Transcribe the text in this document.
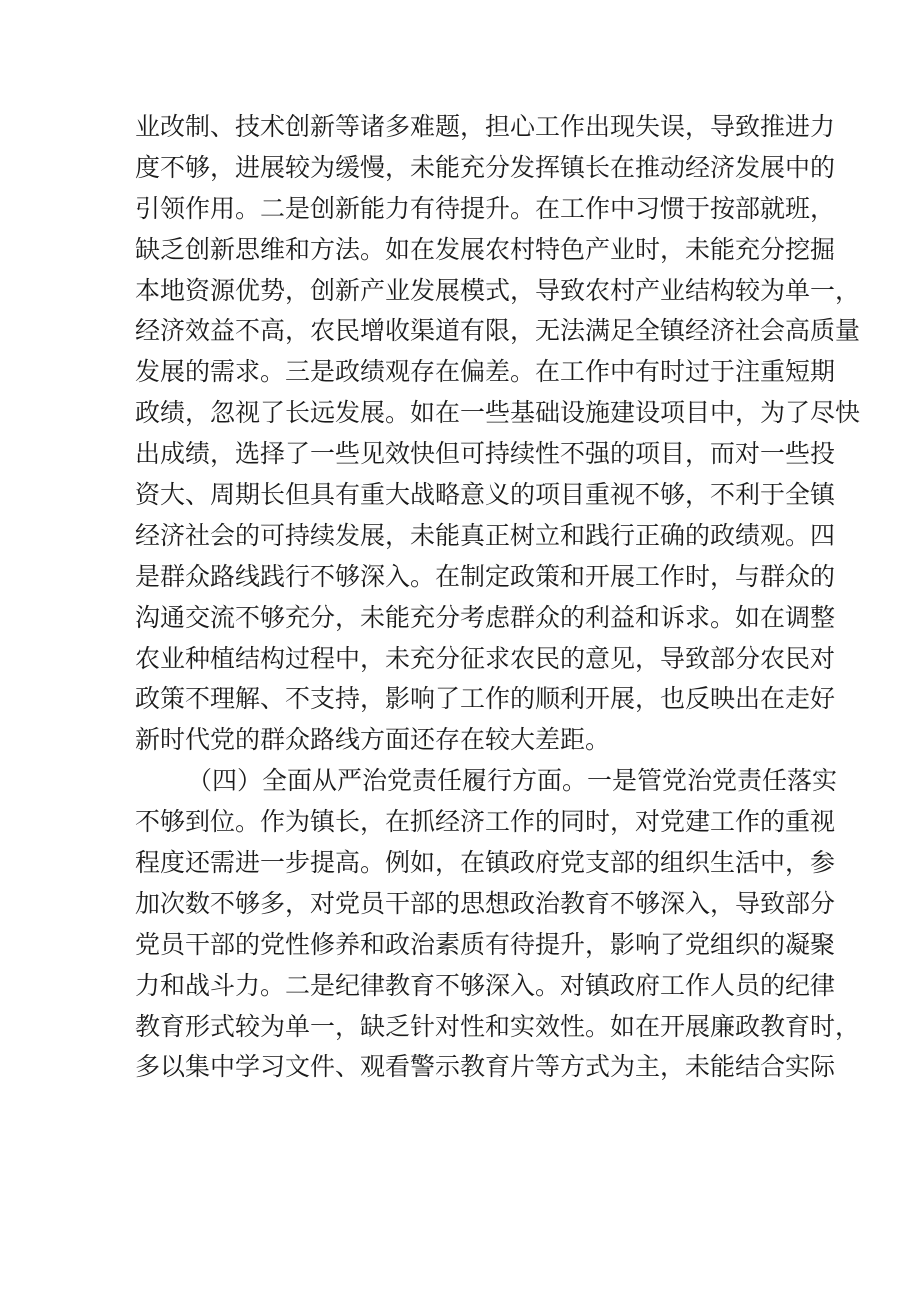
业改制、技术创新等诸多难题，担心工作出现失误，导致推进力
度不够，进展较为缓慢，未能充分发挥镇长在推动经济发展中的
引领作用。二是创新能力有待提升。在工作中习惯于按部就班，
缺乏创新思维和方法。如在发展农村特色产业时，未能充分挖掘
本地资源优势，创新产业发展模式，导致农村产业结构较为单一，
经济效益不高，农民增收渠道有限，无法满足全镇经济社会高质量
发展的需求。三是政绩观存在偏差。在工作中有时过于注重短期
政绩，忽视了长远发展。如在一些基础设施建设项目中，为了尽快
出成绩，选择了一些见效快但可持续性不强的项目，而对一些投
资大、周期长但具有重大战略意义的项目重视不够，不利于全镇
经济社会的可持续发展，未能真正树立和践行正确的政绩观。四
是群众路线践行不够深入。在制定政策和开展工作时，与群众的
沟通交流不够充分，未能充分考虑群众的利益和诉求。如在调整
农业种植结构过程中，未充分征求农民的意见，导致部分农民对
政策不理解、不支持，影响了工作的顺利开展，也反映出在走好
新时代党的群众路线方面还存在较大差距。
（四）全面从严治党责任履行方面。一是管党治党责任落实
不够到位。作为镇长，在抓经济工作的同时，对党建工作的重视
程度还需进一步提高。例如，在镇政府党支部的组织生活中，参
加次数不够多，对党员干部的思想政治教育不够深入，导致部分
党员干部的党性修养和政治素质有待提升，影响了党组织的凝聚
力和战斗力。二是纪律教育不够深入。对镇政府工作人员的纪律
教育形式较为单一，缺乏针对性和实效性。如在开展廉政教育时，
多以集中学习文件、观看警示教育片等方式为主，未能结合实际
